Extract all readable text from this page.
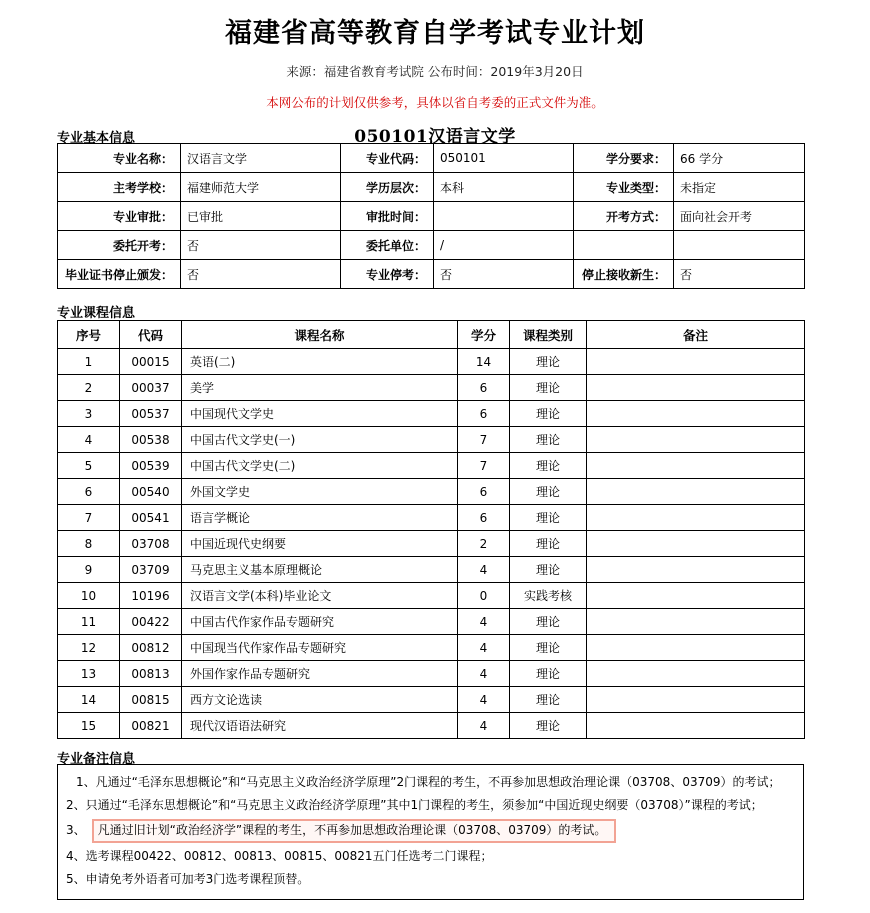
福建省高等教育自学考试专业计划

来源：福建省教育考试院 公布时间：2019年3月20日

本网公布的计划仅供参考，具体以省自考委的正式文件为准。

050101汉语言文学

专业基本信息
专业名称：	汉语言文学	专业代码：	050101	学分要求：	66 学分
主考学校：	福建师范大学	学历层次：	本科	专业类型：	未指定
专业审批：	已审批	审批时间：		开考方式：	面向社会开考
委托开考：	否	委托单位：	/		
毕业证书停止颁发：	否	专业停考：	否	停止接收新生：	否
专业课程信息
序号	代码	课程名称	学分	课程类别	备注
1	00015	英语(二)	14	理论	
2	00037	美学	6	理论	
3	00537	中国现代文学史	6	理论	
4	00538	中国古代文学史(一)	7	理论	
5	00539	中国古代文学史(二)	7	理论	
6	00540	外国文学史	6	理论	
7	00541	语言学概论	6	理论	
8	03708	中国近现代史纲要	2	理论	
9	03709	马克思主义基本原理概论	4	理论	
10	10196	汉语言文学(本科)毕业论文	0	实践考核	
11	00422	中国古代作家作品专题研究	4	理论	
12	00812	中国现当代作家作品专题研究	4	理论	
13	00813	外国作家作品专题研究	4	理论	
14	00815	西方文论选读	4	理论	
15	00821	现代汉语语法研究	4	理论	
专业备注信息
1、凡通过“毛泽东思想概论”和“马克思主义政治经济学原理”2门课程的考生，不再参加思想政治理论课（03708、03709）的考试；
2、只通过“毛泽东思想概论”和“马克思主义政治经济学原理”其中1门课程的考生，须参加“中国近现史纲要（03708）”课程的考试；
3、 凡通过旧计划“政治经济学”课程的考生，不再参加思想政治理论课（03708、03709）的考试。
4、选考课程00422、00812、00813、00815、00821五门任选考二门课程；
5、申请免考外语者可加考3门选考课程顶替。
